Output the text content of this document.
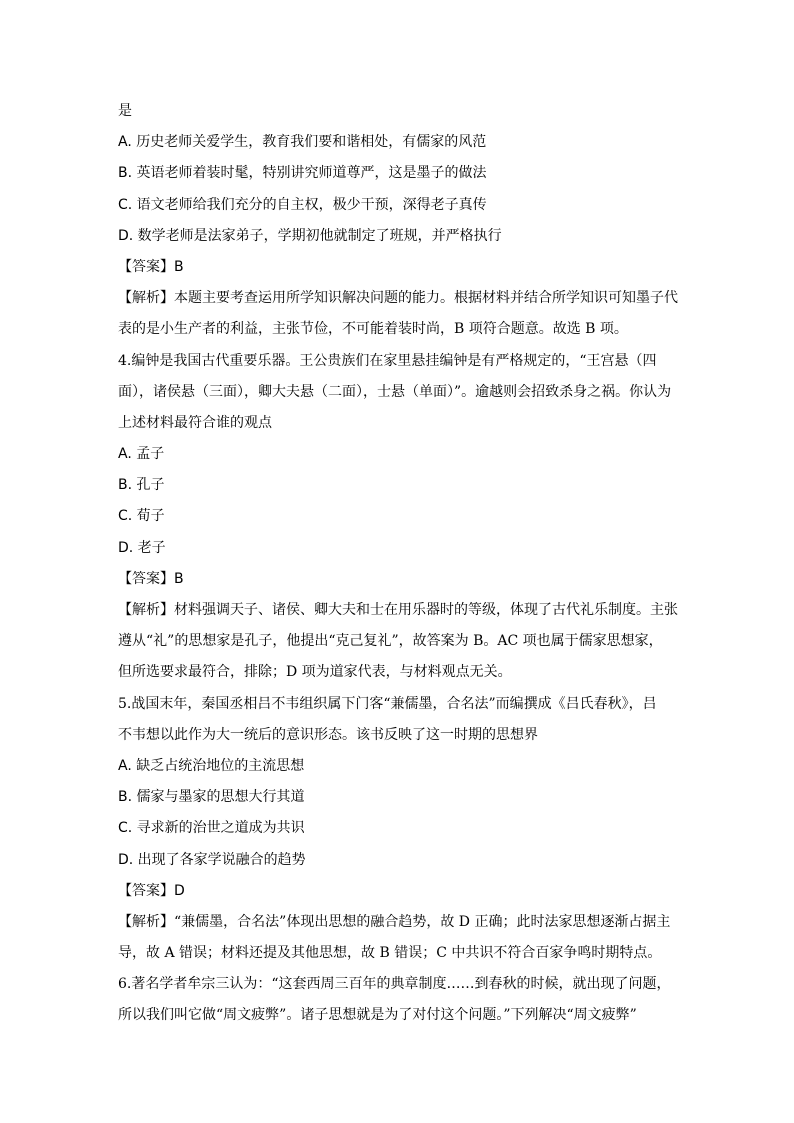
是
A. 历史老师关爱学生，教育我们要和谐相处，有儒家的风范
B. 英语老师着装时髦，特别讲究师道尊严，这是墨子的做法
C. 语文老师给我们充分的自主权，极少干预，深得老子真传
D. 数学老师是法家弟子，学期初他就制定了班规，并严格执行
【答案】B
【解析】本题主要考查运用所学知识解决问题的能力。根据材料并结合所学知识可知墨子代
表的是小生产者的利益，主张节俭，不可能着装时尚，B 项符合题意。故选 B 项。
4.编钟是我国古代重要乐器。王公贵族们在家里悬挂编钟是有严格规定的，“王宫悬（四
面），诸侯悬（三面），卿大夫悬（二面），士悬（单面）”。逾越则会招致杀身之祸。你认为
上述材料最符合谁的观点
A. 孟子
B. 孔子
C. 荀子
D. 老子
【答案】B
【解析】材料强调天子、诸侯、卿大夫和士在用乐器时的等级，体现了古代礼乐制度。主张
遵从“礼”的思想家是孔子，他提出“克己复礼”，故答案为 B。AC 项也属于儒家思想家，
但所选要求最符合，排除；D 项为道家代表，与材料观点无关。
5.战国末年，秦国丞相吕不韦组织属下门客“兼儒墨，合名法”而编撰成《吕氏春秋》，吕
不韦想以此作为大一统后的意识形态。该书反映了这一时期的思想界
A. 缺乏占统治地位的主流思想
B. 儒家与墨家的思想大行其道
C. 寻求新的治世之道成为共识
D. 出现了各家学说融合的趋势
【答案】D
【解析】“兼儒墨，合名法”体现出思想的融合趋势，故 D 正确；此时法家思想逐渐占据主
导，故 A 错误；材料还提及其他思想，故 B 错误；C 中共识不符合百家争鸣时期特点。
6.著名学者牟宗三认为：“这套西周三百年的典章制度……到春秋的时候，就出现了问题，
所以我们叫它做“周文疲弊”。诸子思想就是为了对付这个问题。”下列解决“周文疲弊”
